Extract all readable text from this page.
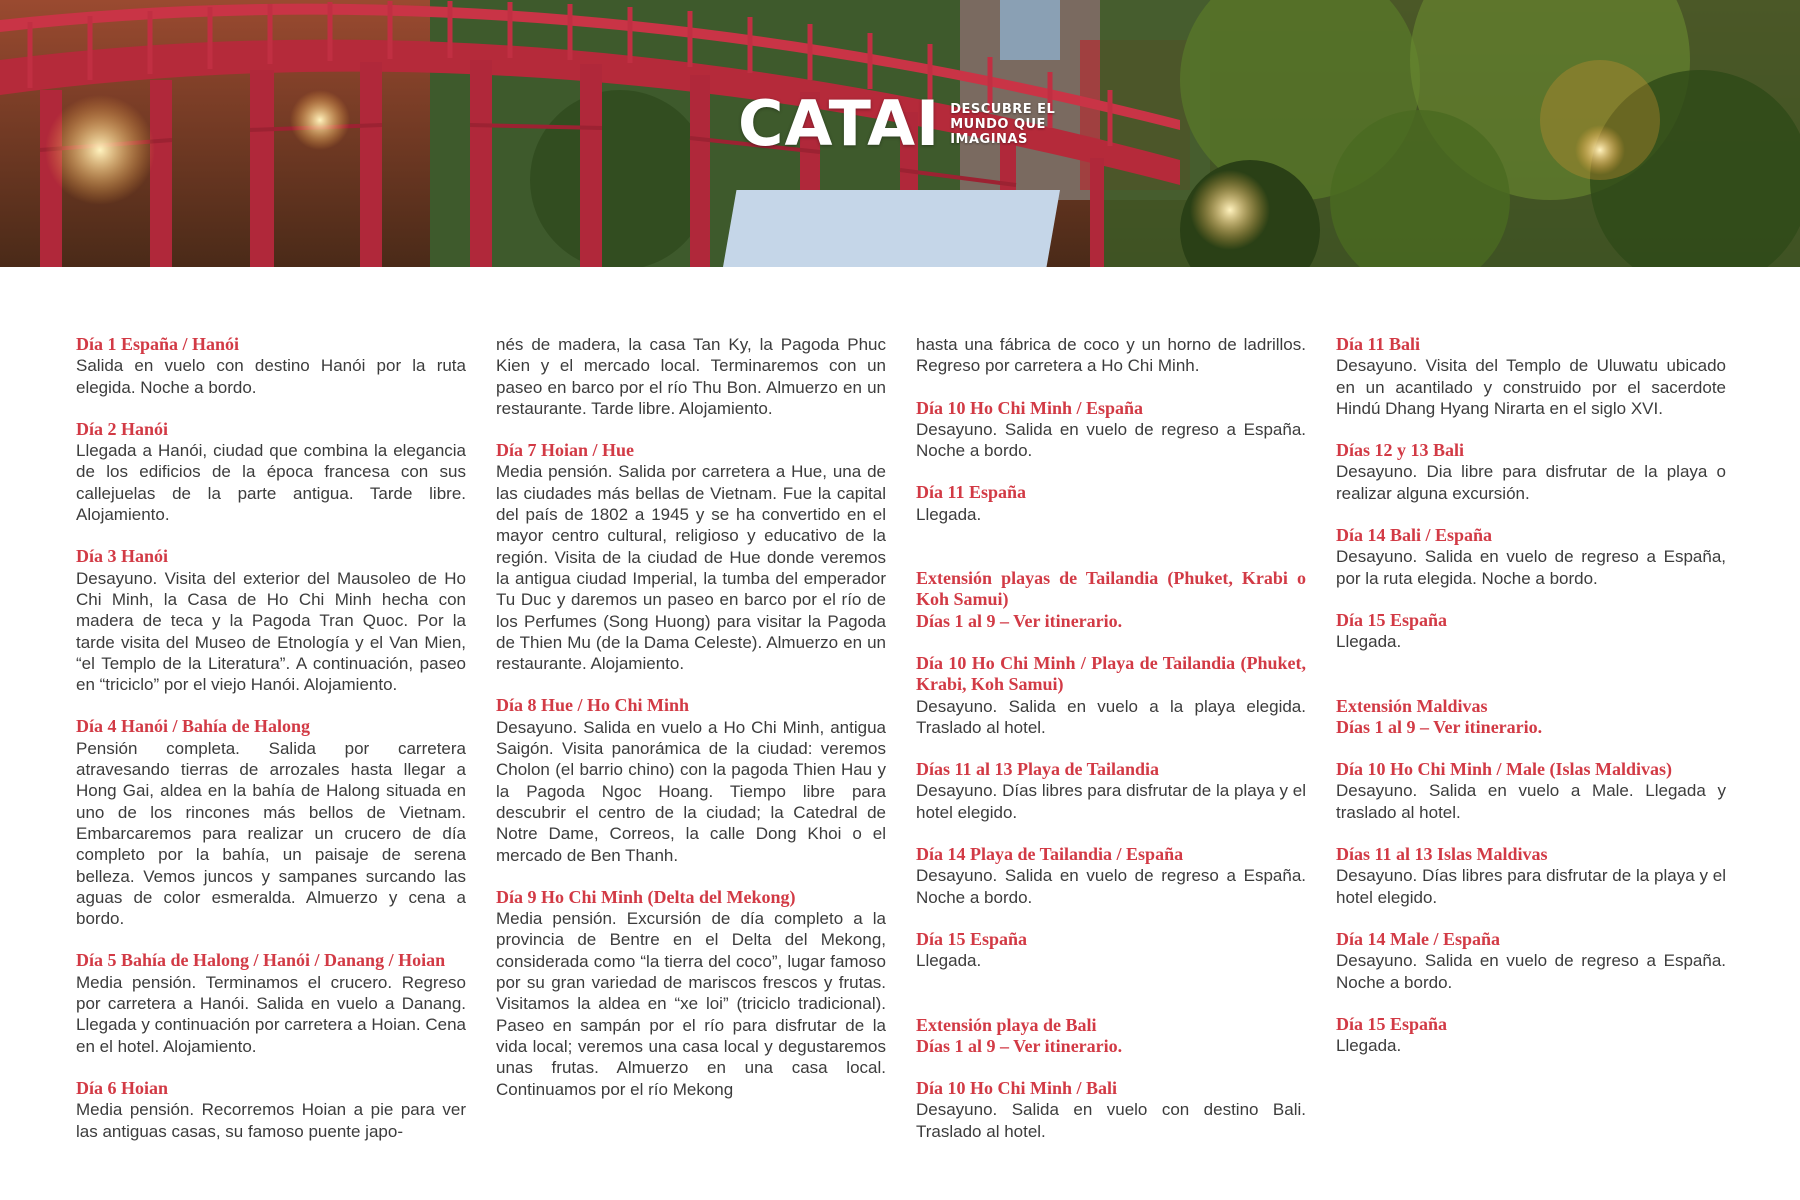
CATAI DESCUBRE EL
MUNDO QUE
IMAGINAS
Día 1 España / Hanói

Salida en vuelo con destino Hanói por la ruta elegida. Noche a bordo.

Día 2 Hanói

Llegada a Hanói, ciudad que combina la elegancia de los edificios de la época francesa con sus callejuelas de la parte antigua. Tarde libre. Alojamiento.

Día 3 Hanói

Desayuno. Visita del exterior del Mausoleo de Ho Chi Minh, la Casa de Ho Chi Minh hecha con madera de teca y la Pagoda Tran Quoc. Por la tarde visita del Museo de Etnología y el Van Mien, “el Templo de la Literatura”. A continuación, paseo en “triciclo” por el viejo Hanói. Alojamiento.

Día 4 Hanói / Bahía de Halong

Pensión completa. Salida por carretera atravesando tierras de arrozales hasta llegar a Hong Gai, aldea en la bahía de Halong situada en uno de los rincones más bellos de Vietnam. Embarcaremos para realizar un crucero de día completo por la bahía, un paisaje de serena belleza. Vemos juncos y sampanes surcando las aguas de color esmeralda. Almuerzo y cena a bordo.

Día 5 Bahía de Halong / Hanói / Danang / Hoian

Media pensión. Terminamos el crucero. Regreso por carretera a Hanói. Salida en vuelo a Danang. Llegada y continuación por carretera a Hoian. Cena en el hotel. Alojamiento.

Día 6 Hoian

Media pensión. Recorremos Hoian a pie para ver las antiguas casas, su famoso puente japo-

nés de madera, la casa Tan Ky, la Pagoda Phuc Kien y el mercado local. Terminaremos con un paseo en barco por el río Thu Bon. Almuerzo en un restaurante. Tarde libre. Alojamiento.

Día 7 Hoian / Hue

Media pensión. Salida por carretera a Hue, una de las ciudades más bellas de Vietnam. Fue la capital del país de 1802 a 1945 y se ha convertido en el mayor centro cultural, religioso y educativo de la región. Visita de la ciudad de Hue donde veremos la antigua ciudad Imperial, la tumba del emperador Tu Duc y daremos un paseo en barco por el río de los Perfumes (Song Huong) para visitar la Pagoda de Thien Mu (de la Dama Celeste). Almuerzo en un restaurante. Alojamiento.

Día 8 Hue / Ho Chi Minh

Desayuno. Salida en vuelo a Ho Chi Minh, antigua Saigón. Visita panorámica de la ciudad: veremos Cholon (el barrio chino) con la pagoda Thien Hau y la Pagoda Ngoc Hoang. Tiempo libre para descubrir el centro de la ciudad; la Catedral de Notre Dame, Correos, la calle Dong Khoi o el mercado de Ben Thanh.

Día 9 Ho Chi Minh (Delta del Mekong)

Media pensión. Excursión de día completo a la provincia de Bentre en el Delta del Mekong, considerada como “la tierra del coco”, lugar famoso por su gran variedad de mariscos frescos y frutas. Visitamos la aldea en “xe loi” (triciclo tradicional). Paseo en sampán por el río para disfrutar de la vida local; veremos una casa local y degustaremos unas frutas. Almuerzo en una casa local. Continuamos por el río Mekong

hasta una fábrica de coco y un horno de ladrillos. Regreso por carretera a Ho Chi Minh.

Día 10 Ho Chi Minh / España

Desayuno. Salida en vuelo de regreso a España. Noche a bordo.

Día 11 España

Llegada.

Extensión playas de Tailandia (Phuket, Krabi o Koh Samui)
Días 1 al 9 – Ver itinerario.
Día 10 Ho Chi Minh / Playa de Tailandia (Phuket, Krabi, Koh Samui)

Desayuno. Salida en vuelo a la playa elegida. Traslado al hotel.

Días 11 al 13 Playa de Tailandia

Desayuno. Días libres para disfrutar de la playa y el hotel elegido.

Día 14 Playa de Tailandia / España

Desayuno. Salida en vuelo de regreso a España. Noche a bordo.

Día 15 España

Llegada.

Extensión playa de Bali
Días 1 al 9 – Ver itinerario.
Día 10 Ho Chi Minh / Bali

Desayuno. Salida en vuelo con destino Bali. Traslado al hotel.

Día 11 Bali

Desayuno. Visita del Templo de Uluwatu ubicado en un acantilado y construido por el sacerdote Hindú Dhang Hyang Nirarta en el siglo XVI.

Días 12 y 13 Bali

Desayuno. Dia libre para disfrutar de la playa o realizar alguna excursión.

Día 14 Bali / España

Desayuno. Salida en vuelo de regreso a España, por la ruta elegida. Noche a bordo.

Día 15 España

Llegada.

Extensión Maldivas
Días 1 al 9 – Ver itinerario.
Día 10 Ho Chi Minh / Male (Islas Maldivas)

Desayuno. Salida en vuelo a Male. Llegada y traslado al hotel.

Días 11 al 13 Islas Maldivas

Desayuno. Días libres para disfrutar de la playa y el hotel elegido.

Día 14 Male / España

Desayuno. Salida en vuelo de regreso a España. Noche a bordo.

Día 15 España

Llegada.
